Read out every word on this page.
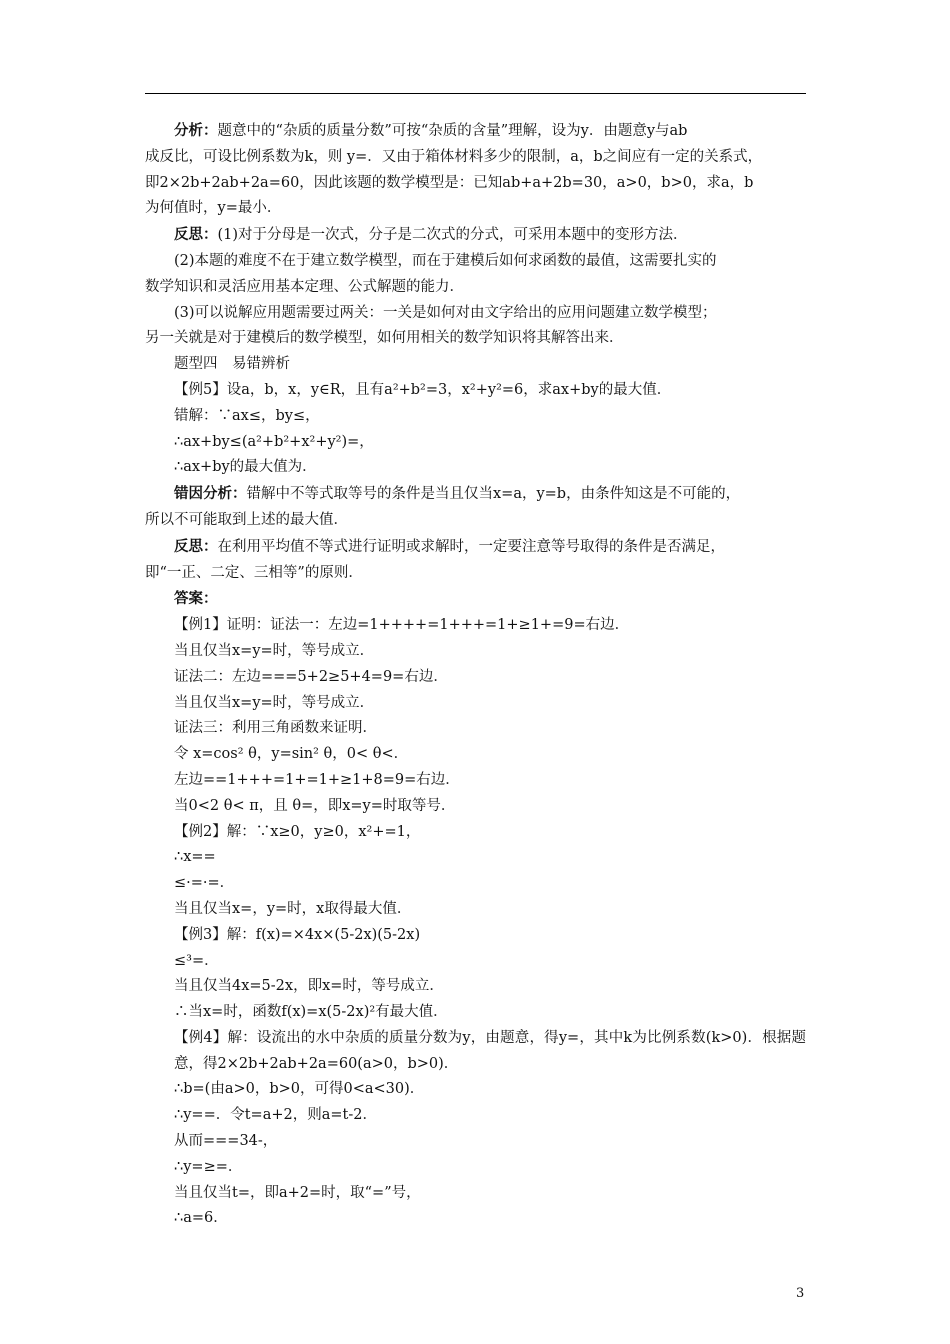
分析：题意中的“杂质的质量分数”可按“杂质的含量”理解，设为y．由题意y与ab

成反比，可设比例系数为k，则 y=．又由于箱体材料多少的限制，a，b之间应有一定的关系式，

即2×2b+2ab+2a=60，因此该题的数学模型是：已知ab+a+2b=30，a>0，b>0，求a，b

为何值时，y=最小．

反思：(1)对于分母是一次式，分子是二次式的分式，可采用本题中的变形方法．

(2)本题的难度不在于建立数学模型，而在于建模后如何求函数的最值，这需要扎实的

数学知识和灵活应用基本定理、公式解题的能力．

(3)可以说解应用题需要过两关：一关是如何对由文字给出的应用问题建立数学模型；

另一关就是对于建模后的数学模型，如何用相关的数学知识将其解答出来．

题型四　易错辨析

【例5】设a，b，x，y∈R，且有a²+b²=3，x²+y²=6，求ax+by的最大值．

错解：∵ax≤，by≤，

∴ax+by≤(a²+b²+x²+y²)=，

∴ax+by的最大值为．

错因分析：错解中不等式取等号的条件是当且仅当x=a，y=b，由条件知这是不可能的，

所以不可能取到上述的最大值．

反思：在利用平均值不等式进行证明或求解时，一定要注意等号取得的条件是否满足，

即“一正、二定、三相等”的原则．

答案：

【例1】证明：证法一：左边=1++++=1+++=1+≥1+=9=右边．

当且仅当x=y=时，等号成立．

证法二：左边===5+2≥5+4=9=右边．

当且仅当x=y=时，等号成立．

证法三：利用三角函数来证明．

令 x=cos² θ，y=sin² θ，0< θ<．

左边==1+++=1+=1+≥1+8=9=右边．

当0<2 θ< π，且 θ=，即x=y=时取等号．

【例2】解：∵x≥0，y≥0，x²+=1，

∴x==

≤·=·=．

当且仅当x=，y=时，x取得最大值．

【例3】解：f(x)=×4x×(5-2x)(5-2x)

≤³=．

当且仅当4x=5-2x，即x=时，等号成立．

∴当x=时，函数f(x)=x(5-2x)²有最大值．

【例4】解：设流出的水中杂质的质量分数为y，由题意，得y=，其中k为比例系数(k>0)．根据题意，得2×2b+2ab+2a=60(a>0，b>0)．

∴b=(由a>0，b>0，可得0<a<30)．

∴y==．令t=a+2，则a=t-2．

从而===34-，

∴y=≥=．

当且仅当t=，即a+2=时，取“=”号，

∴a=6．

3
